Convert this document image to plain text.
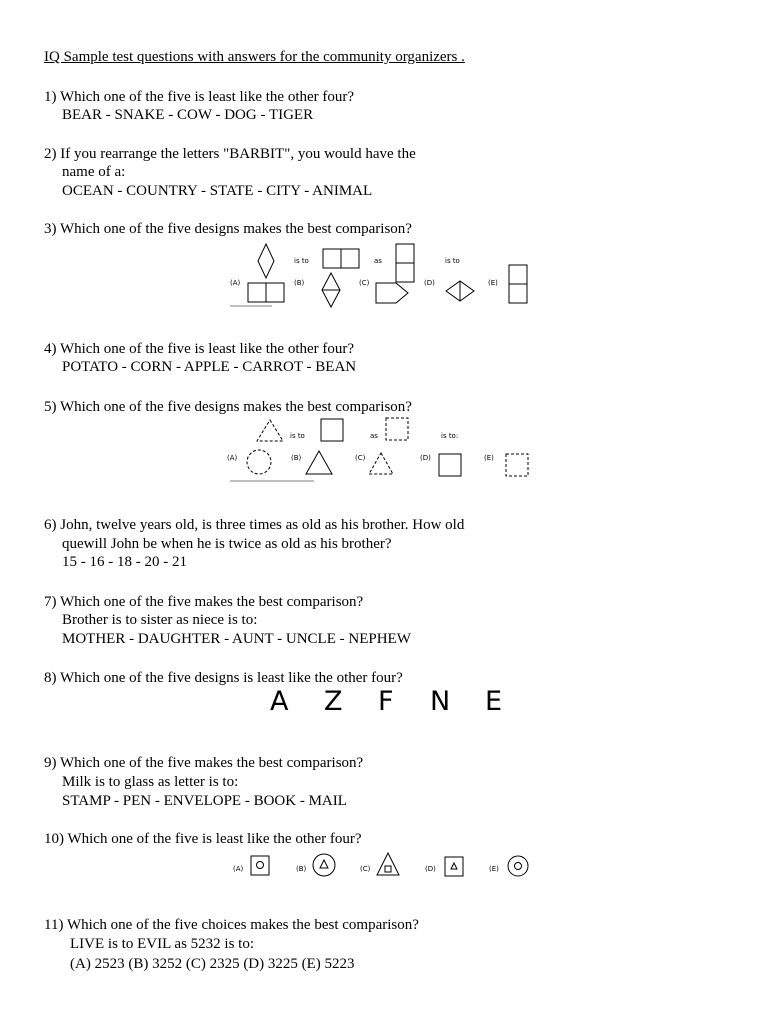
IQ Sample test questions with answers for the community organizers .
1) Which one of the five is least like the other four?
BEAR - SNAKE - COW - DOG - TIGER
2) If you rearrange the letters "BARBIT", you would have the
name of a:
OCEAN - COUNTRY - STATE - CITY - ANIMAL
3) Which one of the five designs makes the best comparison?
is to	as	is to
(A)	(B)	(C)	(D)	(E)
4) Which one of the five is least like the other four?
POTATO - CORN - APPLE - CARROT - BEAN
5) Which one of the five designs makes the best comparison?
is to	as	is to:
(A)	(B)	(C)	(D)	(E)
6) John, twelve years old, is three times as old as his brother. How old
quewill John be when he is twice as old as his brother?
15 - 16 - 18 - 20 - 21
7) Which one of the five makes the best comparison?
Brother is to sister as niece is to:
MOTHER - DAUGHTER - AUNT - UNCLE - NEPHEW
8) Which one of the five designs is least like the other four?
A Z F N E
9) Which one of the five makes the best comparison?
Milk is to glass as letter is to:
STAMP - PEN - ENVELOPE - BOOK - MAIL
10) Which one of the five is least like the other four?
(A)	(B)	(C)	(D)	(E)
11) Which one of the five choices makes the best comparison?
LIVE is to EVIL as 5232 is to:
(A) 2523 (B) 3252 (C) 2325 (D) 3225 (E) 5223
